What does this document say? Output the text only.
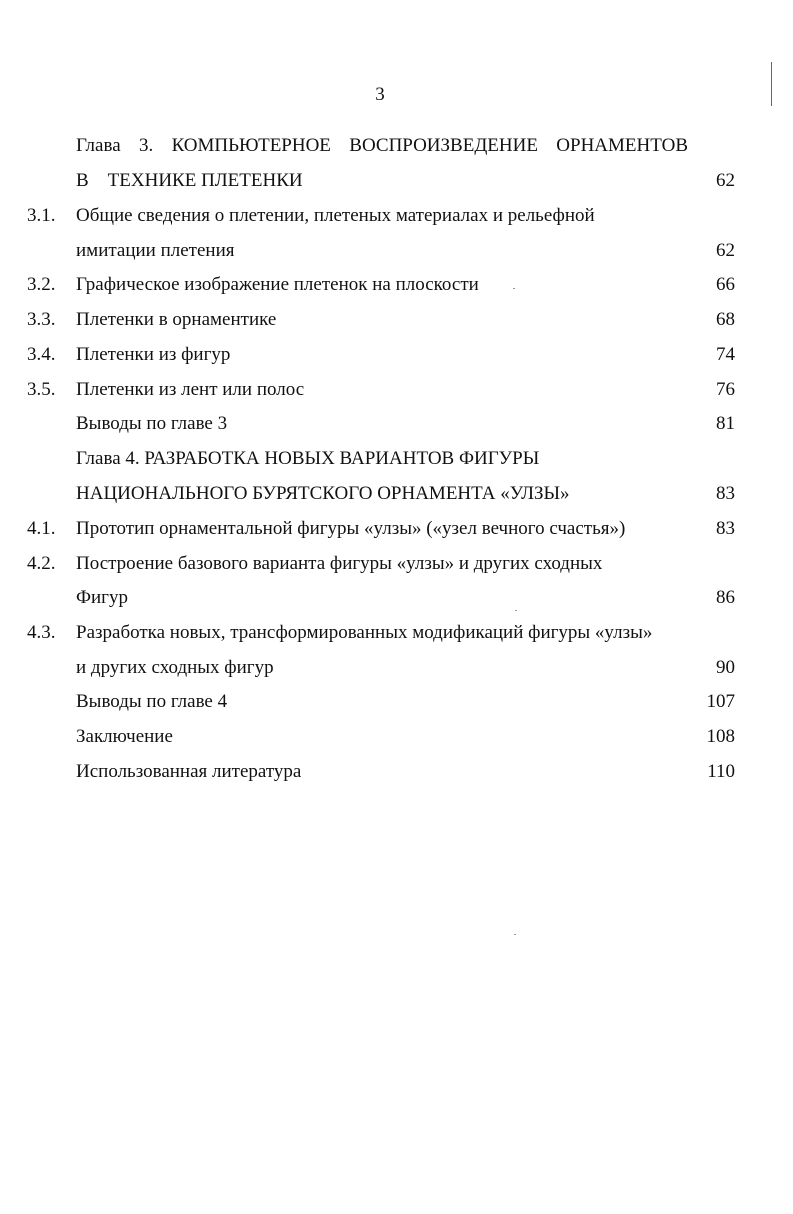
3
Глава 3. КОМПЬЮТЕРНОЕ ВОСПРОИЗВЕДЕНИЕ ОРНАМЕНТОВ
В    ТЕХНИКЕ ПЛЕТЕНКИ	62
3.1. Общие сведения о плетении, плетеных материалах и рельефной
имитации плетения	62
3.2. Графическое изображение плетенок на плоскости	66
3.3. Плетенки в орнаментике	68
3.4. Плетенки из фигур	74
3.5. Плетенки из лент или полос	76
Выводы по главе 3	81
Глава 4. РАЗРАБОТКА НОВЫХ ВАРИАНТОВ ФИГУРЫ
НАЦИОНАЛЬНОГО БУРЯТСКОГО ОРНАМЕНТА «УЛЗЫ»	83
4.1. Прототип орнаментальной фигуры «улзы» («узел вечного счастья»)	83
4.2. Построение базового варианта фигуры «улзы» и других сходных
Фигур	86
4.3. Разработка новых, трансформированных модификаций фигуры «улзы»
и других сходных фигур	90
Выводы по главе 4	107
Заключение	108
Использованная литература	110
